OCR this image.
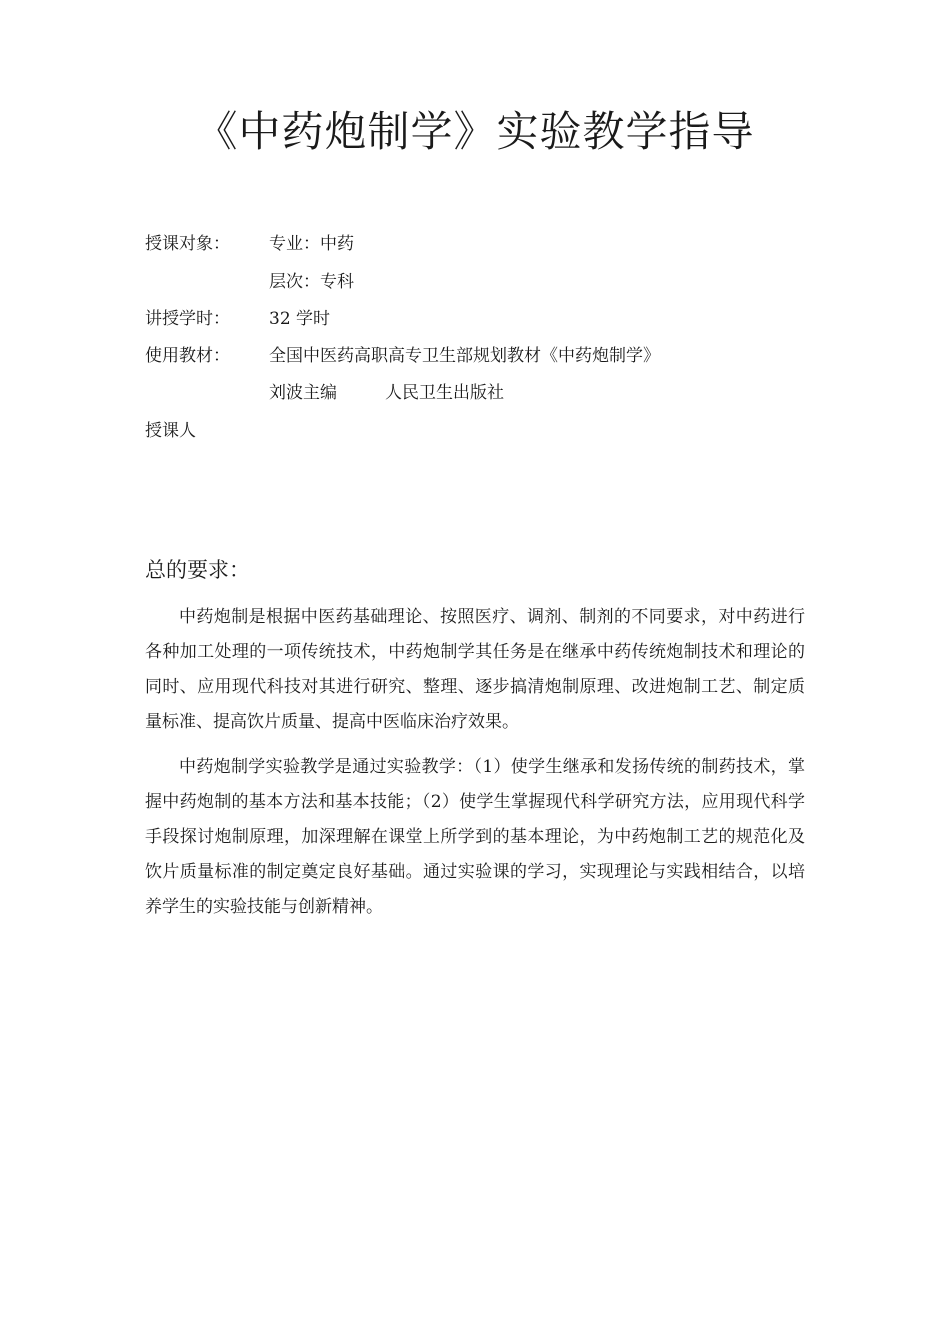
《中药炮制学》实验教学指导
授课对象： 专业：中药
层次：专科
讲授学时： 32 学时
使用教材： 全国中医药高职高专卫生部规划教材《中药炮制学》
刘波主编	人民卫生出版社
授课人
总的要求：

中药炮制是根据中医药基础理论、按照医疗、调剂、制剂的不同要求，对中药进行各种加工处理的一项传统技术，中药炮制学其任务是在继承中药传统炮制技术和理论的同时、应用现代科技对其进行研究、整理、逐步搞清炮制原理、改进炮制工艺、制定质量标准、提高饮片质量、提高中医临床治疗效果。

中药炮制学实验教学是通过实验教学：（1）使学生继承和发扬传统的制药技术，掌握中药炮制的基本方法和基本技能；（2）使学生掌握现代科学研究方法，应用现代科学手段探讨炮制原理，加深理解在课堂上所学到的基本理论，为中药炮制工艺的规范化及饮片质量标准的制定奠定良好基础。通过实验课的学习，实现理论与实践相结合，以培养学生的实验技能与创新精神。
